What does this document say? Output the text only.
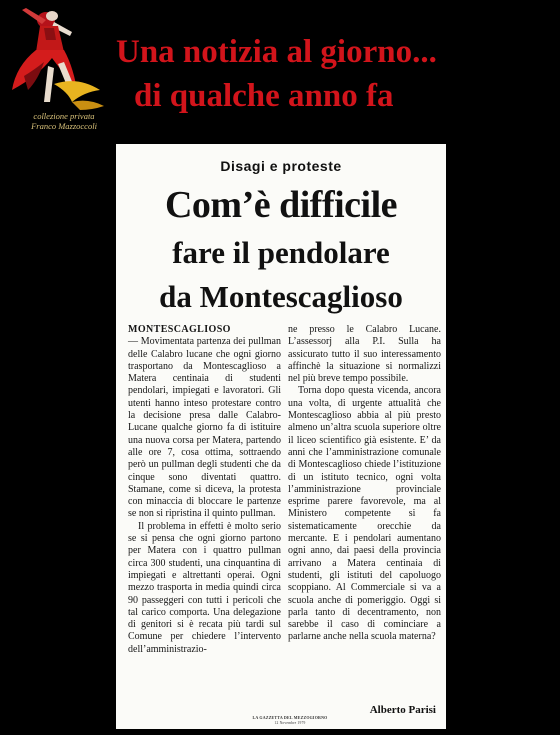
collezione privata
Franco Mazzoccoli
Una notizia al giorno...
di qualche anno fa
Disagi e proteste
Com’è difficile
fare il pendolare
da Montescaglioso
MONTESCAGLIOSO

— Movimentata partenza dei pullman delle Calabro lucane che ogni giorno trasportano da Montescaglioso a Matera centinaia di studenti pendolari, impiegati e lavoratori. Gli utenti hanno inteso protestare contro la decisione presa dalle Calabro-Lucane qualche giorno fa di istituire una nuova corsa per Matera, partendo alle ore 7, cosa ottima, sottraendo però un pullman degli studenti che da cinque sono diventati quattro. Stamane, come si diceva, la protesta con minaccia di bloccare le partenze se non si ripristina il quinto pullman.

Il problema in effetti è molto serio se si pensa che ogni giorno partono per Matera con i quattro pullman circa 300 studenti, una cinquantina di impiegati e altrettanti operai. Ogni mezzo trasporta in media quindi circa 90 passeggeri con tutti i pericoli che tal carico comporta. Una delegazione di genitori si è recata più tardi sul Comune per chiedere l’intervento dell’amministrazio-

ne presso le Calabro Lucane. L’assessorj alla P.I. Sulla ha assicurato tutto il suo interessamento affinchè la situazione si normalizzi nel più breve tempo possibile.

Torna dopo questa vicenda, ancora una volta, di urgente attualità che Montescaglioso abbia al più presto almeno un’altra scuola superiore oltre il liceo scientifico già esistente. E’ da anni che l’amministrazione comunale di Montescaglioso chiede l’istituzione di un istituto tecnico, ogni volta l’amministrazione provinciale esprime parere favorevole, ma al Ministero competente si fa sistematicamente orecchie da mercante. E i pendolari aumentano ogni anno, dai paesi della provincia arrivano a Matera centinaia di studenti, gli istituti del capoluogo scoppiano. Al Commerciale si va a scuola anche di pomeriggio. Oggi si parla tanto di decentramento, non sarebbe il caso di cominciare a parlarne anche nella scuola materna?

Alberto Parisi
LA GAZZETTA DEL MEZZOGIORNO
12 Novembre 1979
